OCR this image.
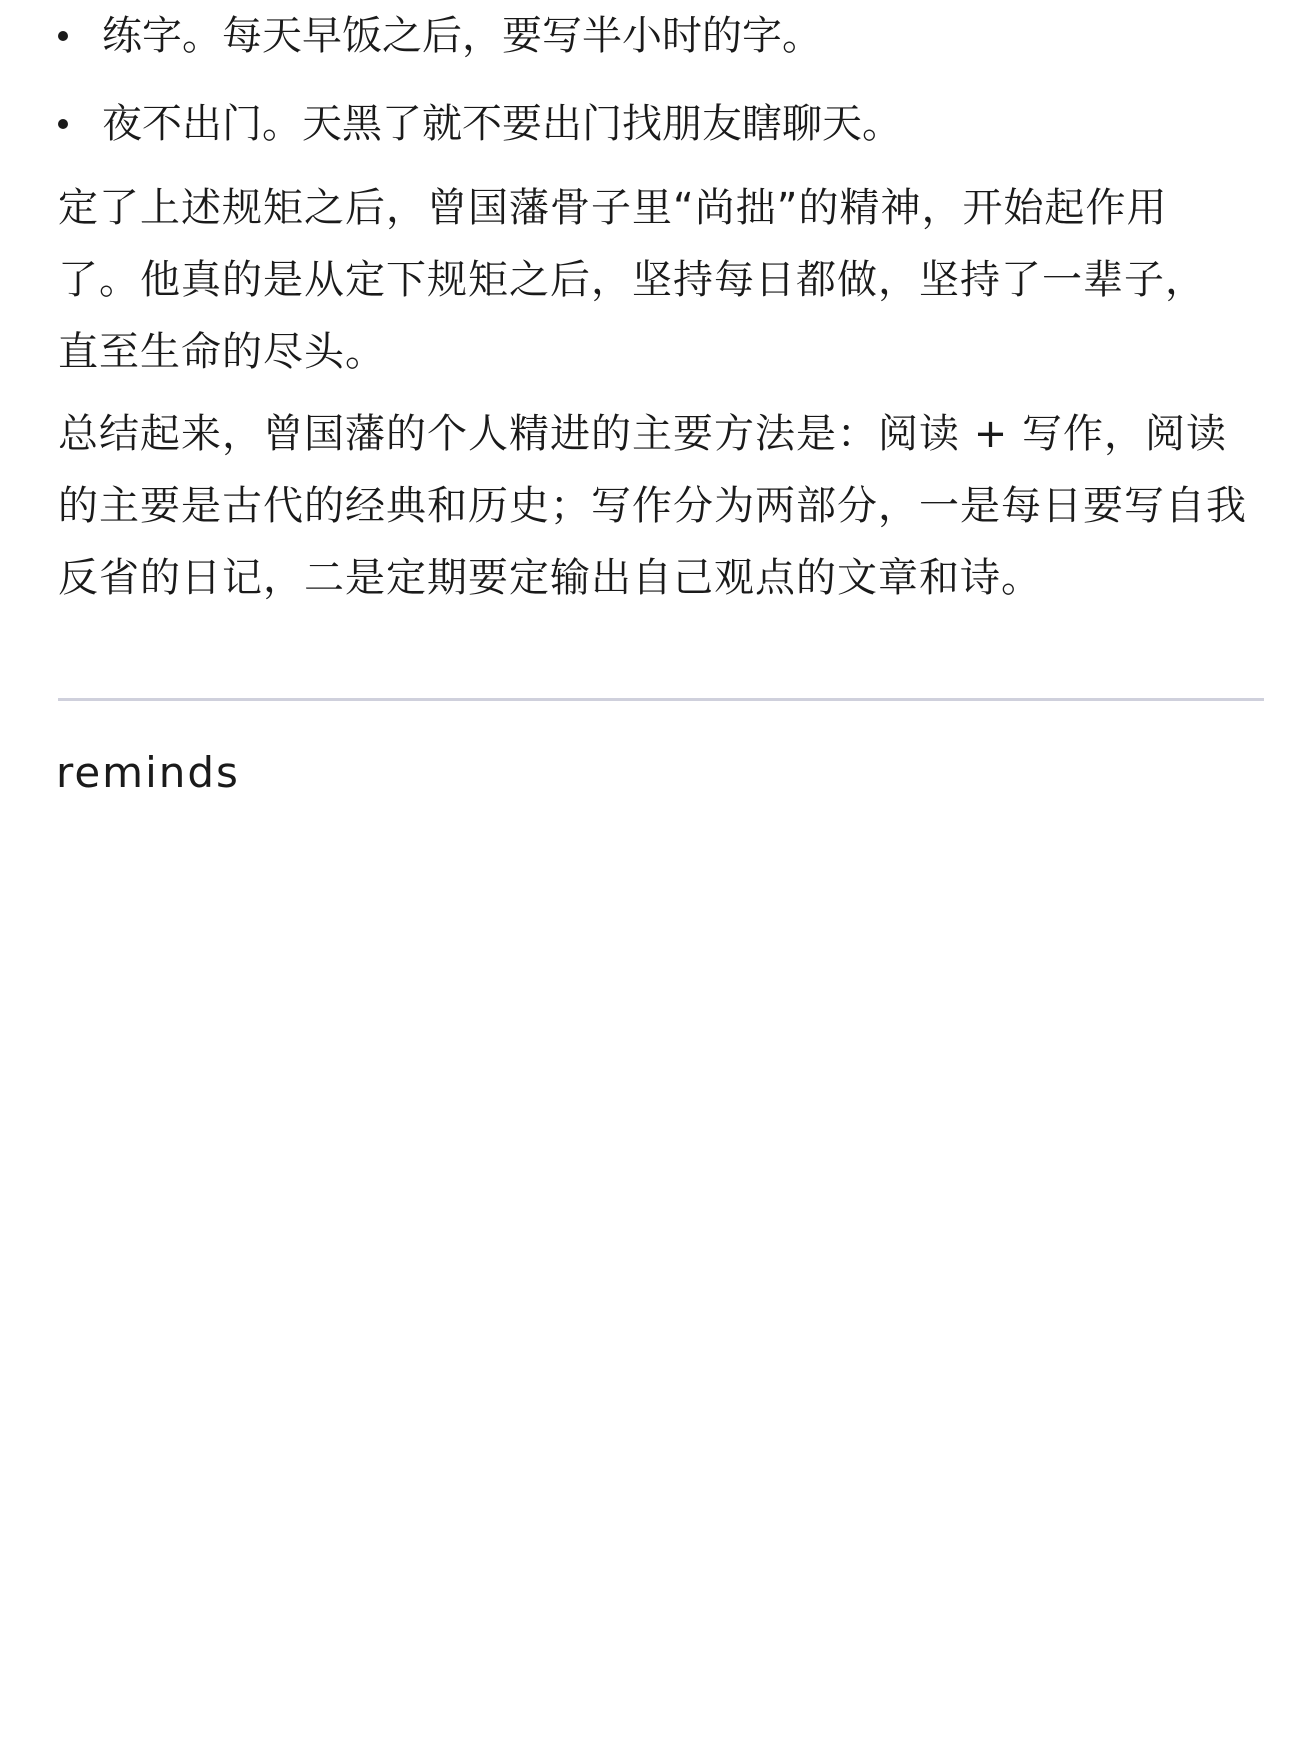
练字。每天早饭之后，要写半小时的字。
夜不出门。天黑了就不要出门找朋友瞎聊天。

定了上述规矩之后，曾国藩骨子里“尚拙”的精神，开始起作用了。他真的是从定下规矩之后，坚持每日都做，坚持了一辈子，直至生命的尽头。

总结起来，曾国藩的个人精进的主要方法是：阅读 + 写作，阅读的主要是古代的经典和历史；写作分为两部分，一是每日要写自我反省的日记，二是定期要定输出自己观点的文章和诗。

reminds
